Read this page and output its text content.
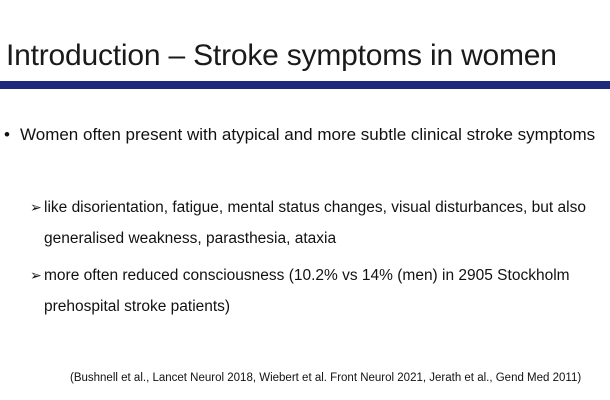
Introduction – Stroke symptoms in women
• Women often present with atypical and more subtle clinical stroke symptoms
➢ like disorientation, fatigue, mental status changes, visual disturbances, but also generalised weakness, parasthesia, ataxia
➢ more often reduced consciousness (10.2% vs 14% (men) in 2905 Stockholm prehospital stroke patients)
(Bushnell et al., Lancet Neurol 2018, Wiebert et al. Front Neurol 2021, Jerath et al., Gend Med 2011)
